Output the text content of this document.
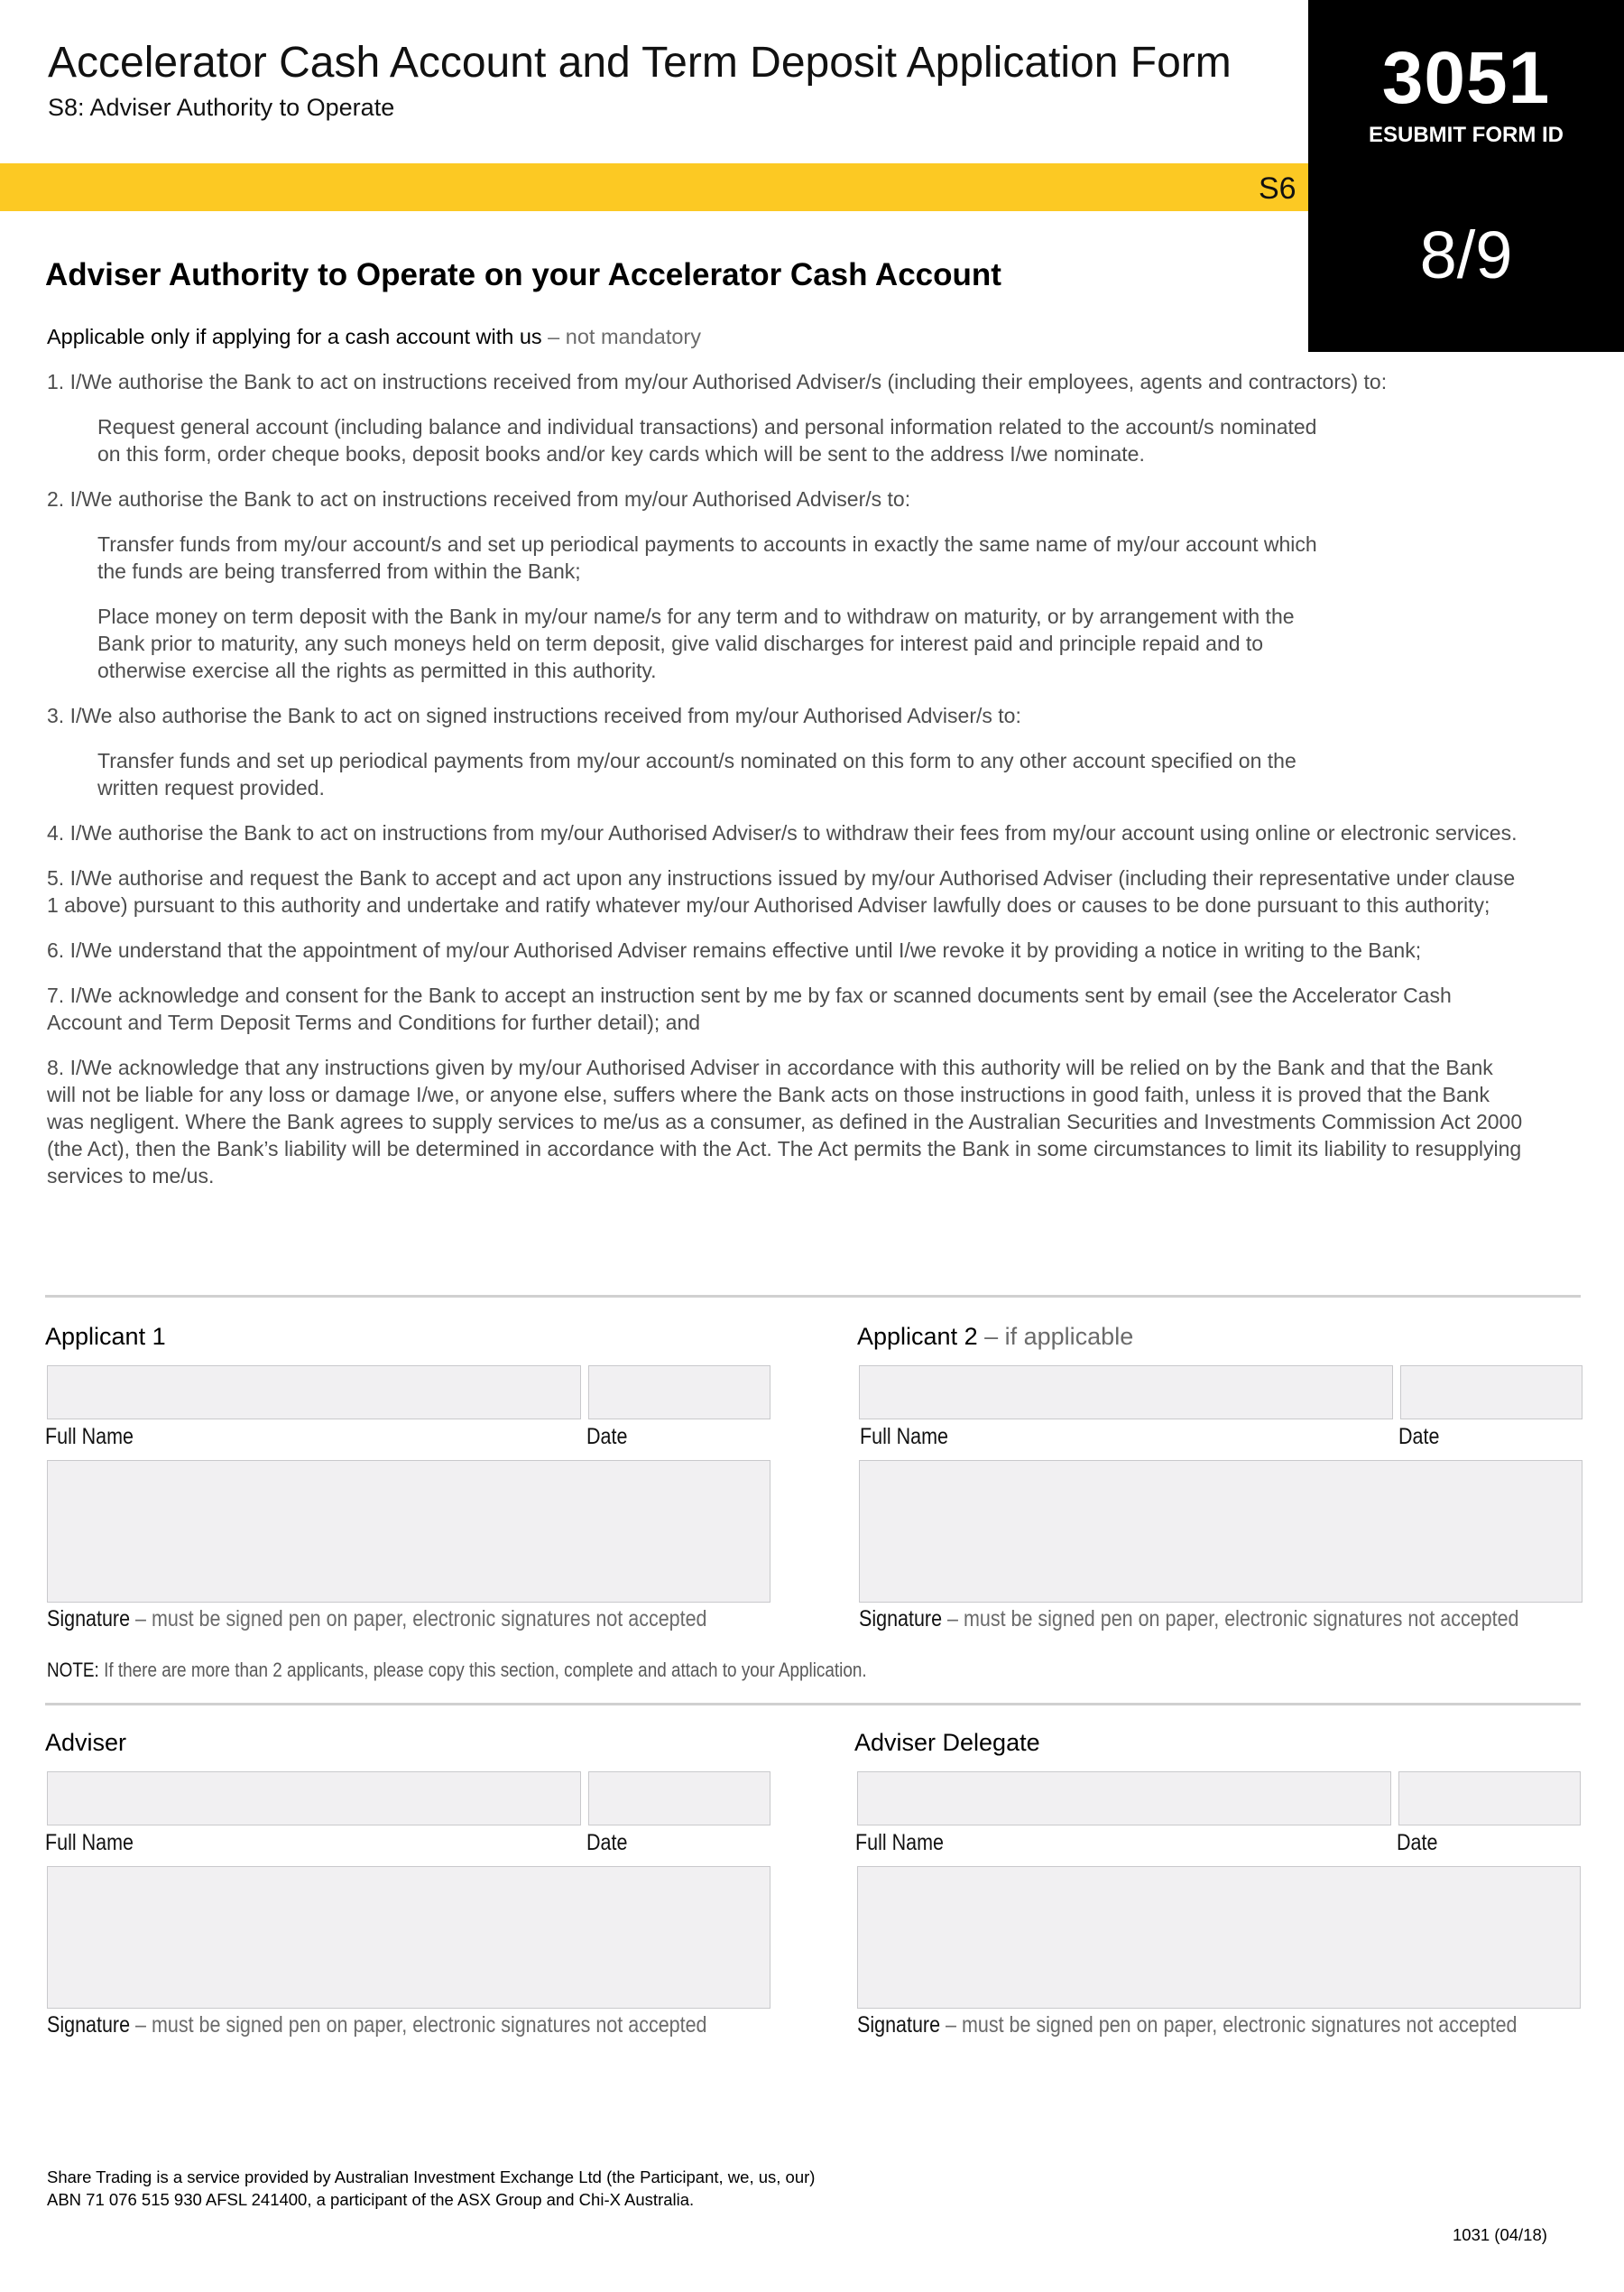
Accelerator Cash Account and Term Deposit Application Form
S8: Adviser Authority to Operate
S6
3051
ESUBMIT FORM ID
8/9
Adviser Authority to Operate on your Accelerator Cash Account
Applicable only if applying for a cash account with us – not mandatory

1. I/We authorise the Bank to act on instructions received from my/our Authorised Adviser/s (including their employees, agents and contractors) to:

Request general account (including balance and individual transactions) and personal information related to the account/s nominated on this form, order cheque books, deposit books and/or key cards which will be sent to the address I/we nominate.

2. I/We authorise the Bank to act on instructions received from my/our Authorised Adviser/s to:

Transfer funds from my/our account/s and set up periodical payments to accounts in exactly the same name of my/our account which the funds are being transferred from within the Bank;

Place money on term deposit with the Bank in my/our name/s for any term and to withdraw on maturity, or by arrangement with the Bank prior to maturity, any such moneys held on term deposit, give valid discharges for interest paid and principle repaid and to otherwise exercise all the rights as permitted in this authority.

3. I/We also authorise the Bank to act on signed instructions received from my/our Authorised Adviser/s to:

Transfer funds and set up periodical payments from my/our account/s nominated on this form to any other account specified on the written request provided.

4. I/We authorise the Bank to act on instructions from my/our Authorised Adviser/s to withdraw their fees from my/our account using online or electronic services.

5. I/We authorise and request the Bank to accept and act upon any instructions issued by my/our Authorised Adviser (including their representative under clause 1 above) pursuant to this authority and undertake and ratify whatever my/our Authorised Adviser lawfully does or causes to be done pursuant to this authority;

6. I/We understand that the appointment of my/our Authorised Adviser remains effective until I/we revoke it by providing a notice in writing to the Bank;

7. I/We acknowledge and consent for the Bank to accept an instruction sent by me by fax or scanned documents sent by email (see the Accelerator Cash Account and Term Deposit Terms and Conditions for further detail); and

8. I/We acknowledge that any instructions given by my/our Authorised Adviser in accordance with this authority will be relied on by the Bank and that the Bank will not be liable for any loss or damage I/we, or anyone else, suffers where the Bank acts on those instructions in good faith, unless it is proved that the Bank was negligent. Where the Bank agrees to supply services to me/us as a consumer, as defined in the Australian Securities and Investments Commission Act 2000 (the Act), then the Bank’s liability will be determined in accordance with the Act. The Act permits the Bank in some circumstances to limit its liability to resupplying services to me/us.

Applicant 1
Full Name	Date
Signature – must be signed pen on paper, electronic signatures not accepted
Applicant 2 – if applicable
Full Name	Date
Signature – must be signed pen on paper, electronic signatures not accepted
NOTE: If there are more than 2 applicants, please copy this section, complete and attach to your Application.
Adviser
Full Name	Date
Signature – must be signed pen on paper, electronic signatures not accepted
Adviser Delegate
Full Name	Date
Signature – must be signed pen on paper, electronic signatures not accepted
Share Trading is a service provided by Australian Investment Exchange Ltd (the Participant, we, us, our)
ABN 71 076 515 930 AFSL 241400, a participant of the ASX Group and Chi-X Australia.
1031 (04/18)
